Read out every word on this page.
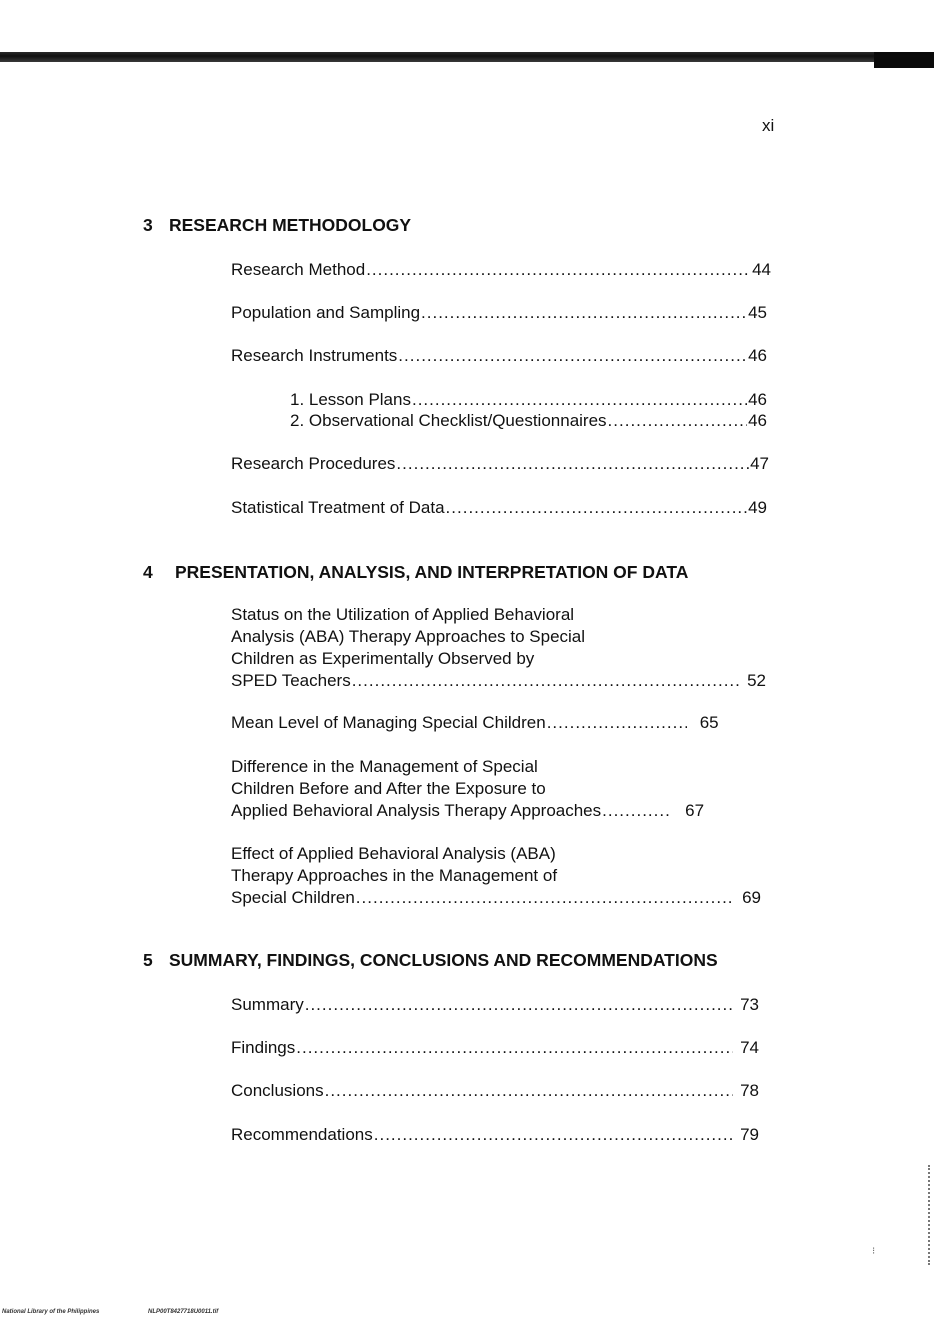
xi
3 RESEARCH METHODOLOGY
Research Method .....	44
Population and Sampling .....	45
Research Instruments .....	46
1. Lesson Plans .....	46
2. Observational Checklist/Questionnaires .....	46
Research Procedures .....	47
Statistical Treatment of Data .....	49
4 PRESENTATION, ANALYSIS, AND INTERPRETATION OF DATA
Status on the Utilization of Applied Behavioral
Analysis (ABA) Therapy Approaches to Special
Children as Experimentally Observed by
SPED Teachers .....	52
Mean Level of Managing Special Children .....	65
Difference in the Management of Special
Children Before and After the Exposure to
Applied Behavioral Analysis Therapy Approaches .....	67
Effect of Applied Behavioral Analysis (ABA)
Therapy Approaches in the Management of
Special Children .....	69
5 SUMMARY, FINDINGS, CONCLUSIONS AND RECOMMENDATIONS
Summary .....	73
Findings .....	74
Conclusions .....	78
Recommendations .....	79
⁝
National Library of the Philippines	NLP00T8427718U0011.tif
